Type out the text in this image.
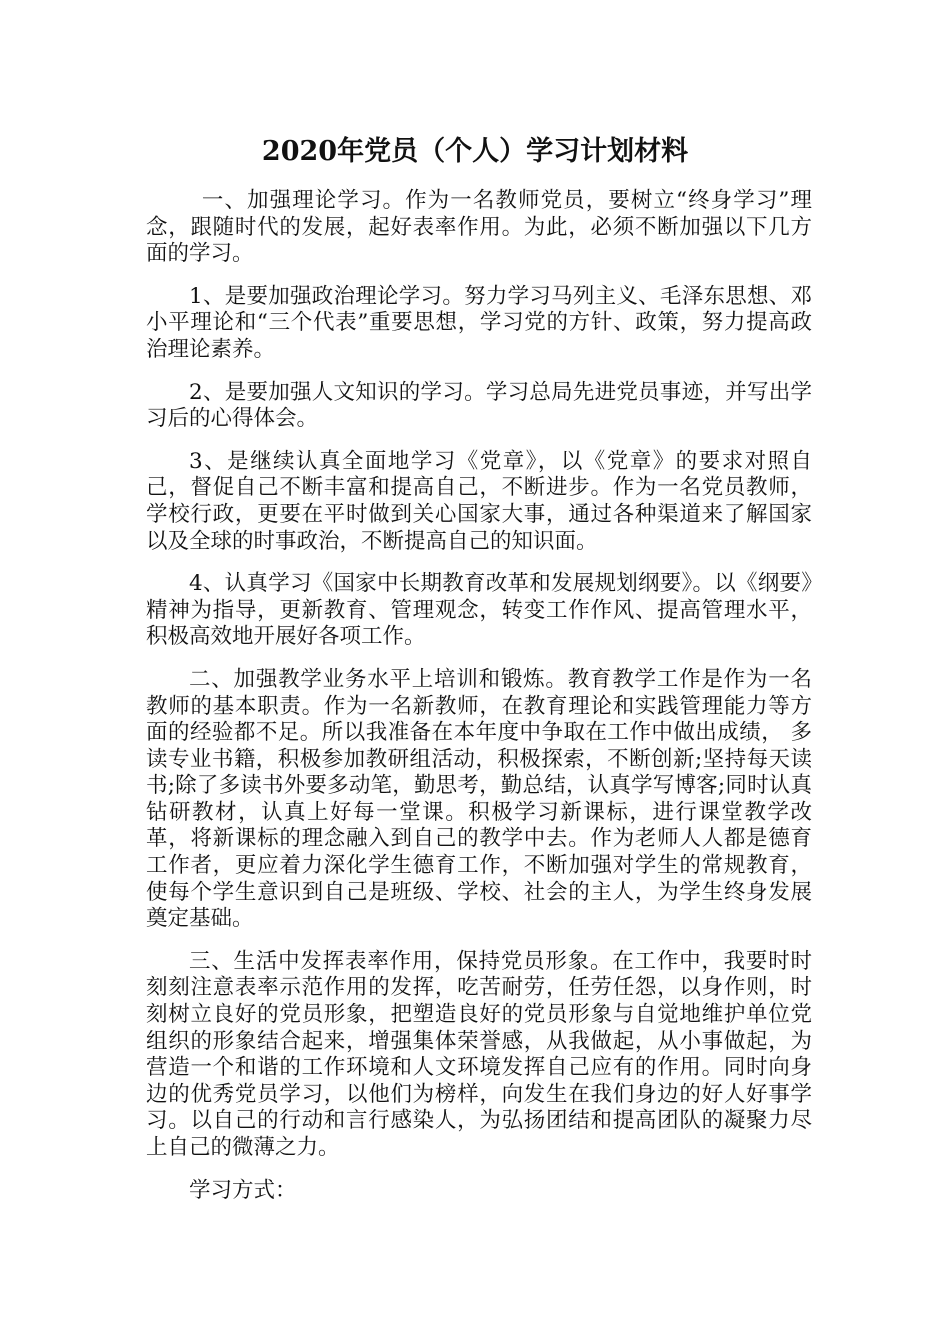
2020年党员（个人）学习计划材料

一、加强理论学习。作为一名教师党员，要树立“终身学习”理念，跟随时代的发展，起好表率作用。为此，必须不断加强以下几方面的学习。

1、是要加强政治理论学习。努力学习马列主义、毛泽东思想、邓小平理论和“三个代表”重要思想，学习党的方针、政策，努力提高政治理论素养。

2、是要加强人文知识的学习。学习总局先进党员事迹，并写出学习后的心得体会。

3、是继续认真全面地学习《党章》，以《党章》的要求对照自己，督促自己不断丰富和提高自己，不断进步。作为一名党员教师，学校行政，更要在平时做到关心国家大事，通过各种渠道来了解国家以及全球的时事政治，不断提高自己的知识面。

4、认真学习《国家中长期教育改革和发展规划纲要》。以《纲要》精神为指导，更新教育、管理观念，转变工作作风、提高管理水平，积极高效地开展好各项工作。

二、加强教学业务水平上培训和锻炼。教育教学工作是作为一名教师的基本职责。作为一名新教师，在教育理论和实践管理能力等方面的经验都不足。所以我准备在本年度中争取在工作中做出成绩， 多读专业书籍，积极参加教研组活动，积极探索，不断创新;坚持每天读书;除了多读书外要多动笔，勤思考，勤总结，认真学写博客;同时认真钻研教材，认真上好每一堂课。积极学习新课标，进行课堂教学改革，将新课标的理念融入到自己的教学中去。作为老师人人都是德育工作者，更应着力深化学生德育工作，不断加强对学生的常规教育，使每个学生意识到自己是班级、学校、社会的主人，为学生终身发展奠定基础。

三、生活中发挥表率作用，保持党员形象。在工作中，我要时时刻刻注意表率示范作用的发挥，吃苦耐劳，任劳任怨，以身作则，时刻树立良好的党员形象，把塑造良好的党员形象与自觉地维护单位党组织的形象结合起来，增强集体荣誉感，从我做起，从小事做起，为营造一个和谐的工作环境和人文环境发挥自己应有的作用。同时向身边的优秀党员学习，以他们为榜样，向发生在我们身边的好人好事学习。以自己的行动和言行感染人，为弘扬团结和提高团队的凝聚力尽上自己的微薄之力。

学习方式：
